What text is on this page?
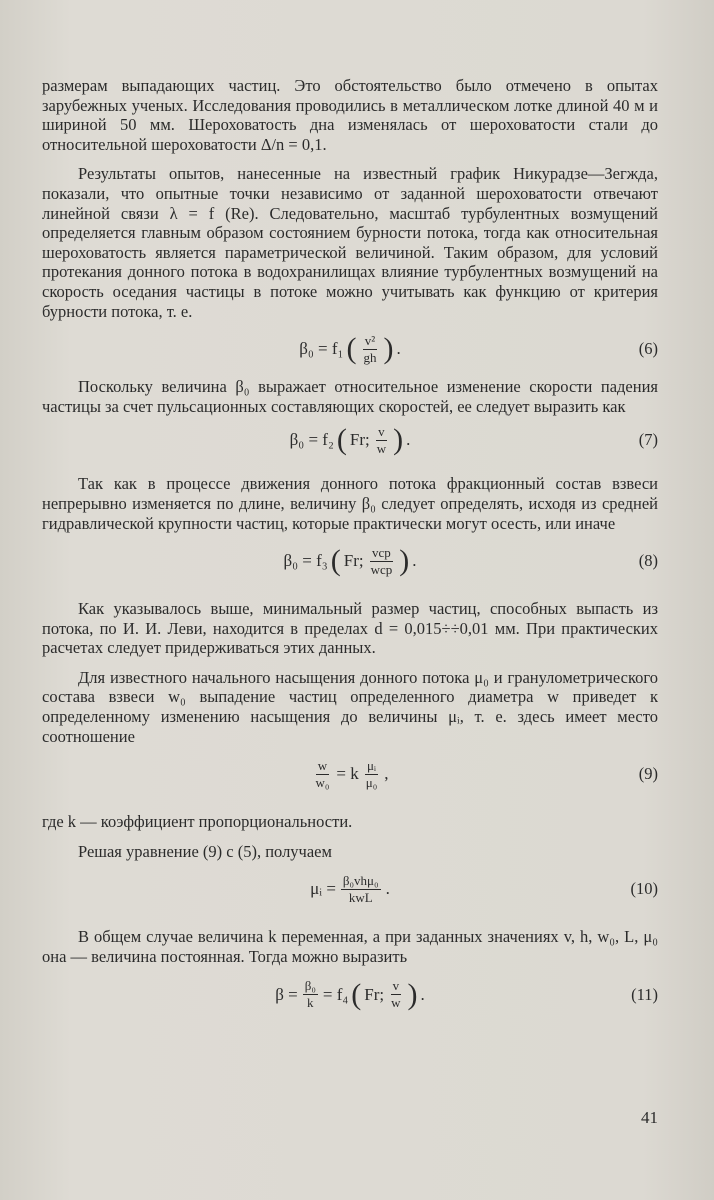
размерам выпадающих частиц. Это обстоятельство было отмечено в опытах зарубежных ученых. Исследования проводились в металлическом лотке длиной 40 м и шириной 50 мм. Шероховатость дна изменялась от шероховатости стали до относительной шероховатости Δ/n = 0,1.

Результаты опытов, нанесенные на известный график Никурадзе—Зегжда, показали, что опытные точки независимо от заданной шероховатости отвечают линейной связи λ = f (Re). Следовательно, масштаб турбулентных возмущений определяется главным образом состоянием бурности потока, тогда как относительная шероховатость является параметрической величиной. Таким образом, для условий протекания донного потока в водохранилищах влияние турбулентных возмущений на скорость оседания частицы в потоке можно учитывать как функцию от критерия бурности потока, т. е.

β₀ = f₁ ( $\frac{\text{v²}}{gh}$ ) .	(6)

Поскольку величина β₀ выражает относительное изменение скорости падения частицы за счет пульсационных составляющих скоростей, ее следует выразить как

β₀ = f₂ ( Fr; $\frac{v}{w}$ ) .	(7)

Так как в процессе движения донного потока фракционный состав взвеси непрерывно изменяется по длине, величину β₀ следует определять, исходя из средней гидравлической крупности частиц, которые практически могут осесть, или иначе

β₀ = f₃ ( Fr; $\frac{\text{vср}}{\text{wср}}$ ) .	(8)

Как указывалось выше, минимальный размер частиц, способных выпасть из потока, по И. И. Леви, находится в пределах d = 0,015÷÷0,01 мм. При практических расчетах следует придерживаться этих данных.

Для известного начального насыщения донного потока μ₀ и гранулометрического состава взвеси w₀ выпадение частиц определенного диаметра w приведет к определенному изменению насыщения до величины μᵢ, т. е. здесь имеет место соотношение

$\frac{w}{\text{w₀}} = k \frac{\text{μᵢ}}{\text{μ₀}}$ ,	(9)

где k — коэффициент пропорциональности.

Решая уравнение (9) с (5), получаем

μᵢ = $\frac{\text{β₀vhμ₀}}{\text{kwL}}$ .	(10)

В общем случае величина k переменная, а при заданных значениях v, h, w₀, L, μ₀ она — величина постоянная. Тогда можно выразить

$\beta = \frac{\text{β₀}}{k} = f_4$ ( Fr; $\frac{v}{w}$ ) .	(11)
41
